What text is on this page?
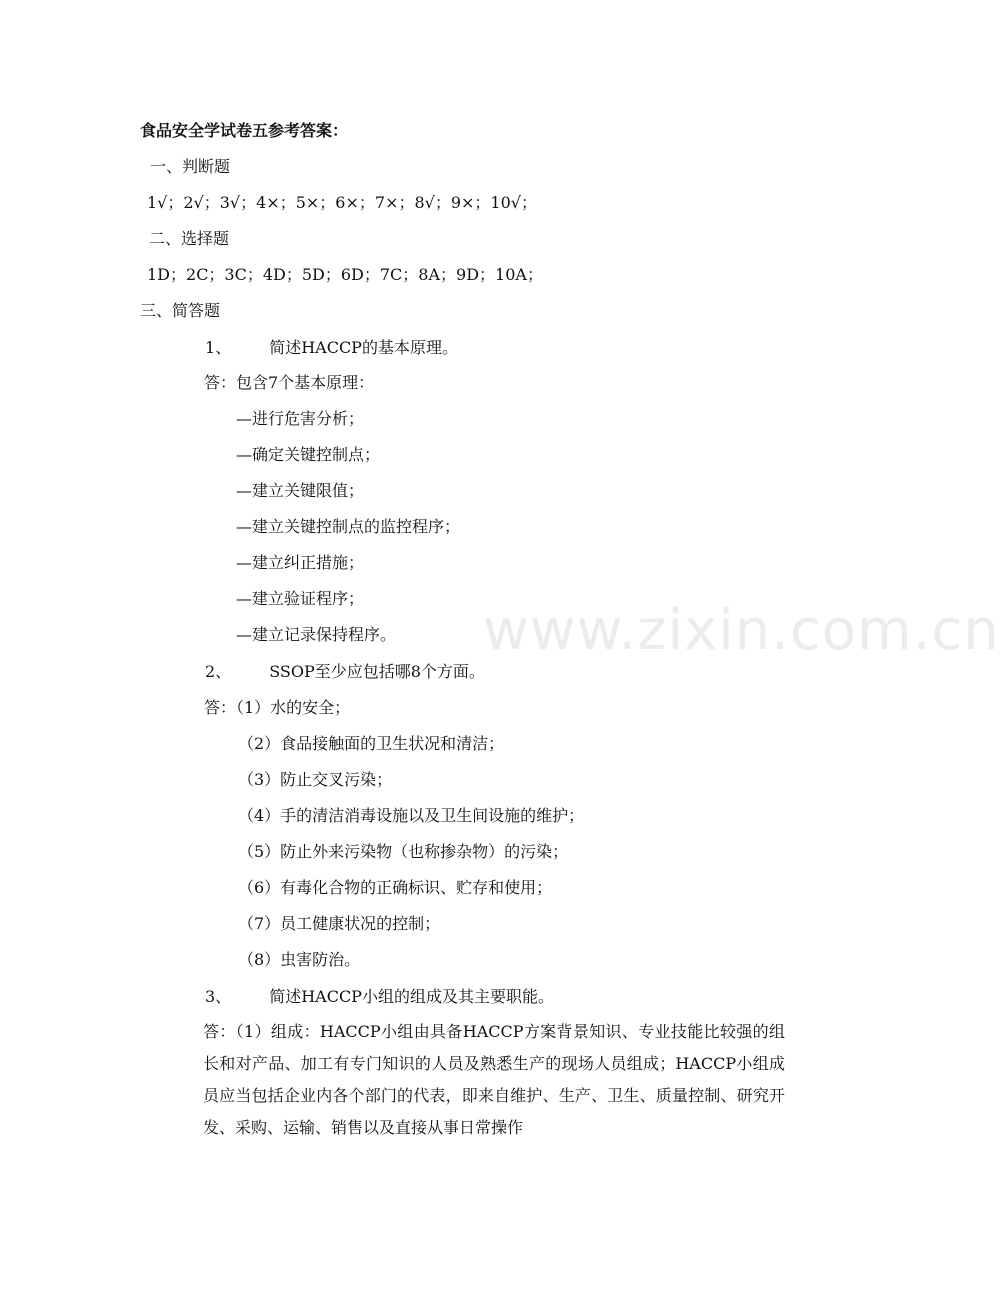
www.zixin.com.cn
食品安全学试卷五参考答案：
一、判断题
1√；2√；3√；4×；5×；6×；7×；8√；9×；10√；
二、选择题
1D；2C；3C；4D；5D；6D；7C；8A；9D；10A；
三、简答题
1、 简述HACCP的基本原理。
答：包含7个基本原理：
—进行危害分析；
—确定关键控制点；
—建立关键限值；
—建立关键控制点的监控程序；
—建立纠正措施；
—建立验证程序；
—建立记录保持程序。
2、 SSOP至少应包括哪8个方面。
答：（1）水的安全；
（2）食品接触面的卫生状况和清洁；
（3）防止交叉污染；
（4）手的清洁消毒设施以及卫生间设施的维护；
（5）防止外来污染物（也称掺杂物）的污染；
（6）有毒化合物的正确标识、贮存和使用；
（7）员工健康状况的控制；
（8）虫害防治。
3、 简述HACCP小组的组成及其主要职能。
答：（1）组成：HACCP小组由具备HACCP方案背景知识、专业技能比较强的组长和对产品、加工有专门知识的人员及熟悉生产的现场人员组成；HACCP小组成员应当包括企业内各个部门的代表，即来自维护、生产、卫生、质量控制、研究开发、采购、运输、销售以及直接从事日常操作
